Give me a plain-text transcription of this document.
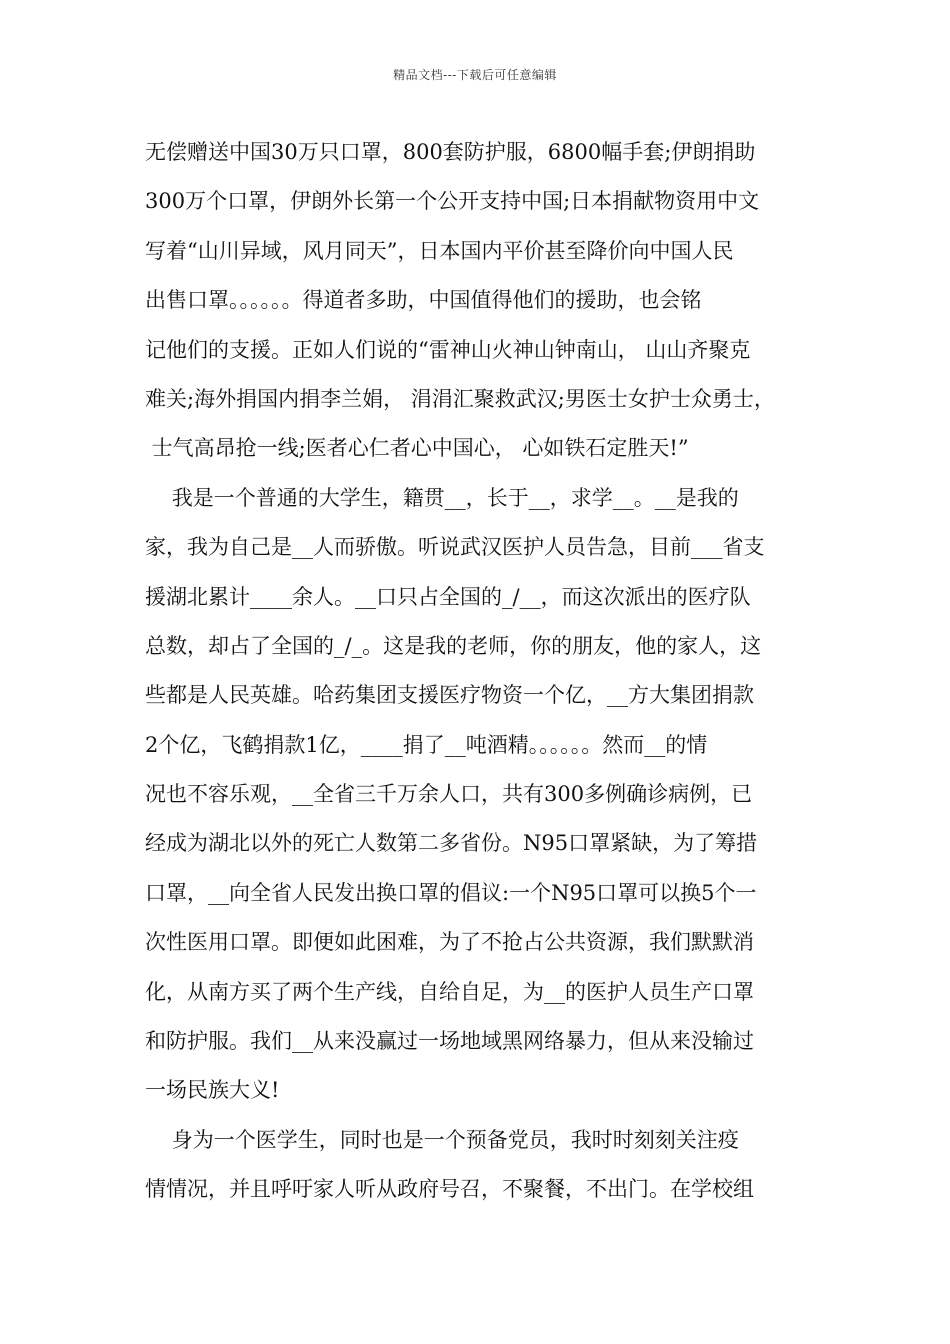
精品文档---下载后可任意编辑
无偿赠送中国30万只口罩，800套防护服，6800幅手套;伊朗捐助
300万个口罩，伊朗外长第一个公开支持中国;日本捐献物资用中文
写着“山川异域，风月同天”，日本国内平价甚至降价向中国人民
出售口罩。。。。。。得道者多助，中国值得他们的援助，也会铭
记他们的支援。正如人们说的“雷神山火神山钟南山， 山山齐聚克
难关;海外捐国内捐李兰娟， 涓涓汇聚救武汉;男医士女护士众勇士，
士气高昂抢一线;医者心仁者心中国心， 心如铁石定胜天!”
我是一个普通的大学生，籍贯__，长于__，求学__。__是我的
家，我为自己是__人而骄傲。听说武汉医护人员告急，目前___省支
援湖北累计____余人。__口只占全国的_/__，而这次派出的医疗队
总数，却占了全国的_/_。这是我的老师，你的朋友，他的家人，这
些都是人民英雄。哈药集团支援医疗物资一个亿，__方大集团捐款
2个亿，飞鹤捐款1亿，____捐了__吨酒精。。。。。。然而__的情
况也不容乐观，__全省三千万余人口，共有300多例确诊病例，已
经成为湖北以外的死亡人数第二多省份。N95口罩紧缺，为了筹措
口罩，__向全省人民发出换口罩的倡议:一个N95口罩可以换5个一
次性医用口罩。即便如此困难，为了不抢占公共资源，我们默默消
化，从南方买了两个生产线，自给自足，为__的医护人员生产口罩
和防护服。我们__从来没赢过一场地域黑网络暴力，但从来没输过
一场民族大义!
身为一个医学生，同时也是一个预备党员，我时时刻刻关注疫
情情况，并且呼吁家人听从政府号召，不聚餐，不出门。在学校组
